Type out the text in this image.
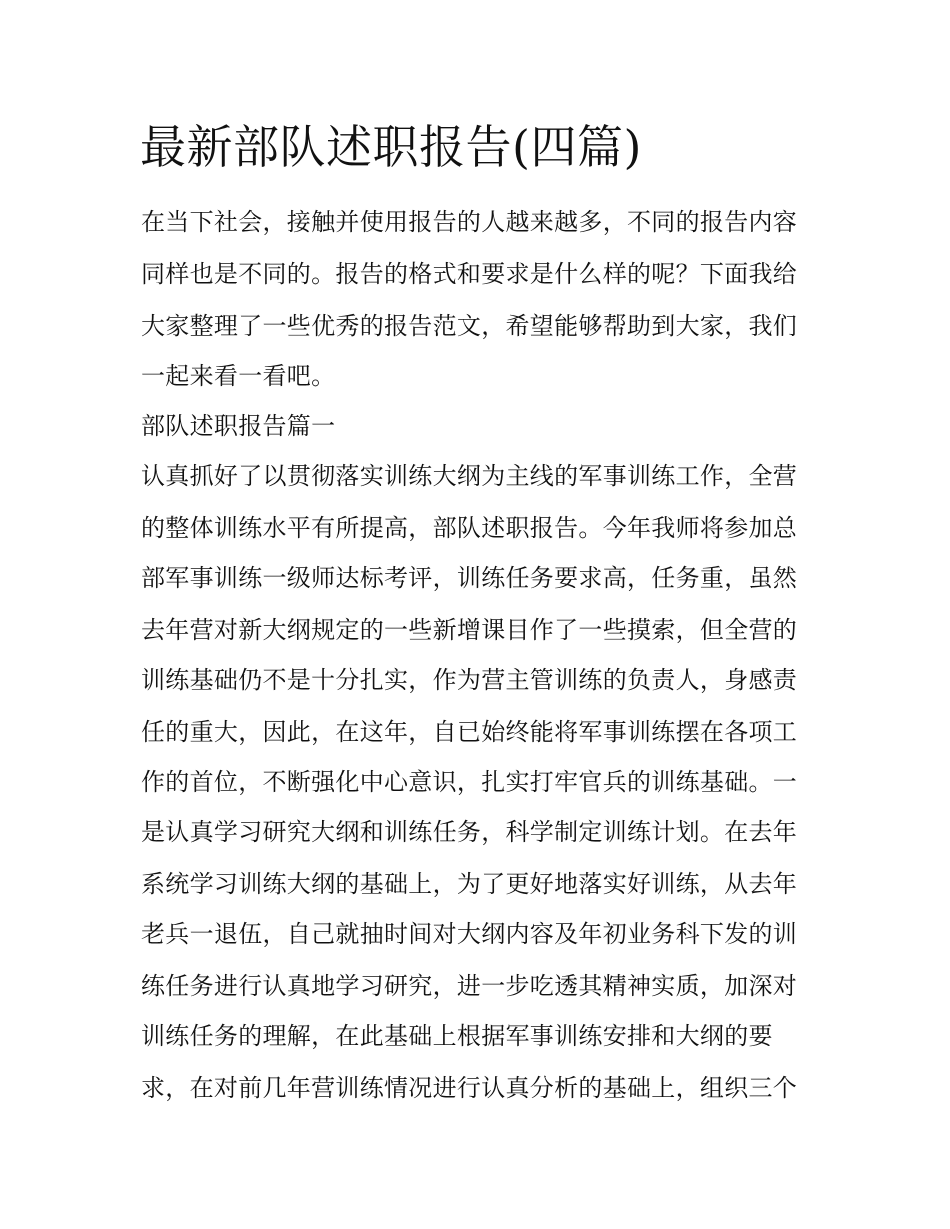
最新部队述职报告(四篇)

在当下社会，接触并使用报告的人越来越多，不同的报告内容

同样也是不同的。报告的格式和要求是什么样的呢？下面我给

大家整理了一些优秀的报告范文，希望能够帮助到大家，我们

一起来看一看吧。

部队述职报告篇一

认真抓好了以贯彻落实训练大纲为主线的军事训练工作，全营

的整体训练水平有所提高，部队述职报告。今年我师将参加总

部军事训练一级师达标考评，训练任务要求高，任务重，虽然

去年营对新大纲规定的一些新增课目作了一些摸索，但全营的

训练基础仍不是十分扎实，作为营主管训练的负责人，身感责

任的重大，因此，在这年，自已始终能将军事训练摆在各项工

作的首位，不断强化中心意识，扎实打牢官兵的训练基础。一

是认真学习研究大纲和训练任务，科学制定训练计划。在去年

系统学习训练大纲的基础上，为了更好地落实好训练，从去年

老兵一退伍，自己就抽时间对大纲内容及年初业务科下发的训

练任务进行认真地学习研究，进一步吃透其精神实质，加深对

训练任务的理解，在此基础上根据军事训练安排和大纲的要

求，在对前几年营训练情况进行认真分析的基础上，组织三个
